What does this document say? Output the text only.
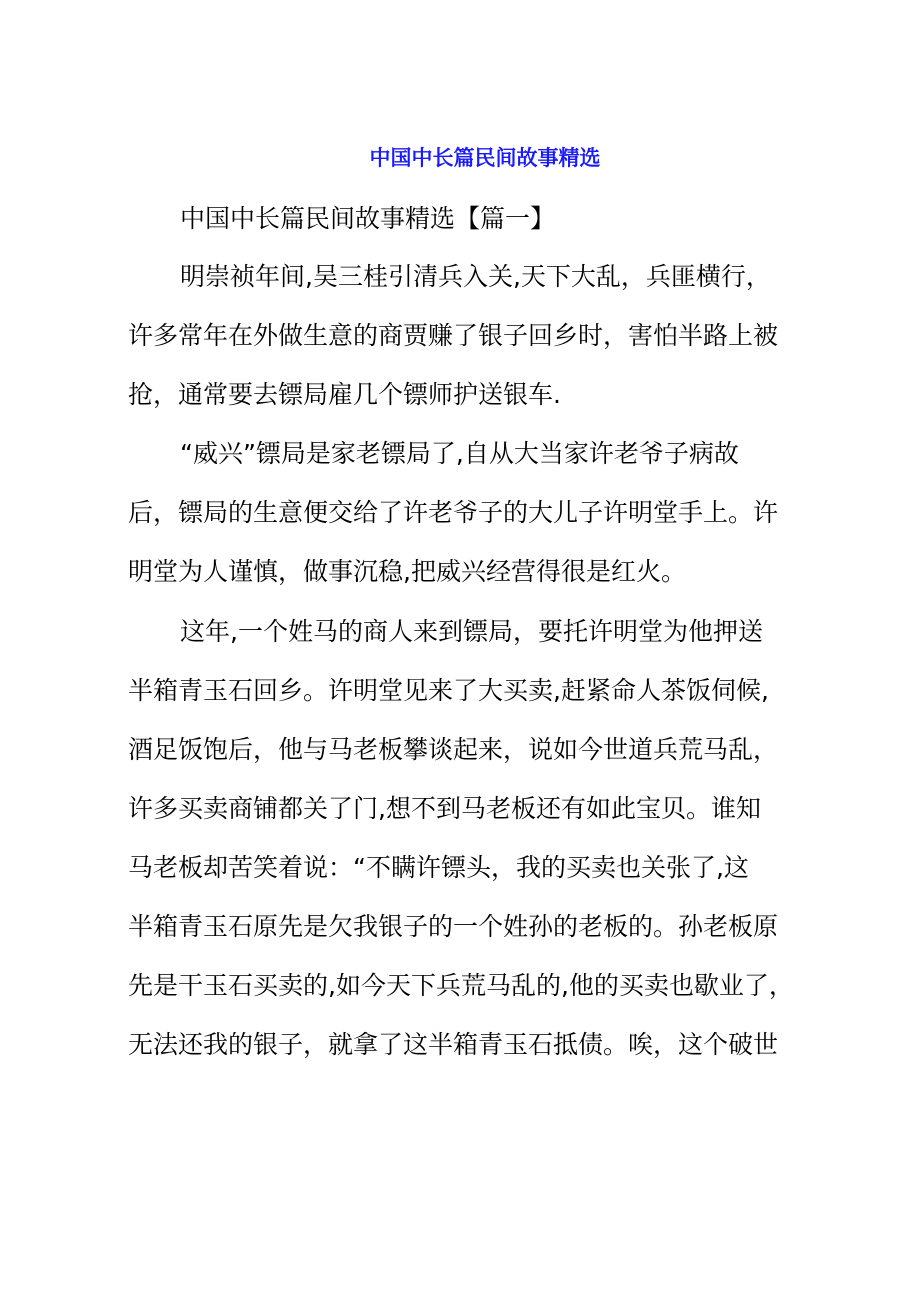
中国中长篇民间故事精选
中国中长篇民间故事精选【篇一】
明崇祯年间,吴三桂引清兵入关,天下大乱，兵匪横行，
许多常年在外做生意的商贾赚了银子回乡时，害怕半路上被
抢，通常要去镖局雇几个镖师护送银车.
“威兴”镖局是家老镖局了,自从大当家许老爷子病故
后，镖局的生意便交给了许老爷子的大儿子许明堂手上。许
明堂为人谨慎，做事沉稳,把威兴经营得很是红火。
这年,一个姓马的商人来到镖局，要托许明堂为他押送
半箱青玉石回乡。许明堂见来了大买卖,赶紧命人茶饭伺候,
酒足饭饱后，他与马老板攀谈起来，说如今世道兵荒马乱，
许多买卖商铺都关了门,想不到马老板还有如此宝贝。谁知
马老板却苦笑着说：“不瞒许镖头，我的买卖也关张了,这
半箱青玉石原先是欠我银子的一个姓孙的老板的。孙老板原
先是干玉石买卖的,如今天下兵荒马乱的,他的买卖也歇业了，
无法还我的银子，就拿了这半箱青玉石抵债。唉，这个破世
